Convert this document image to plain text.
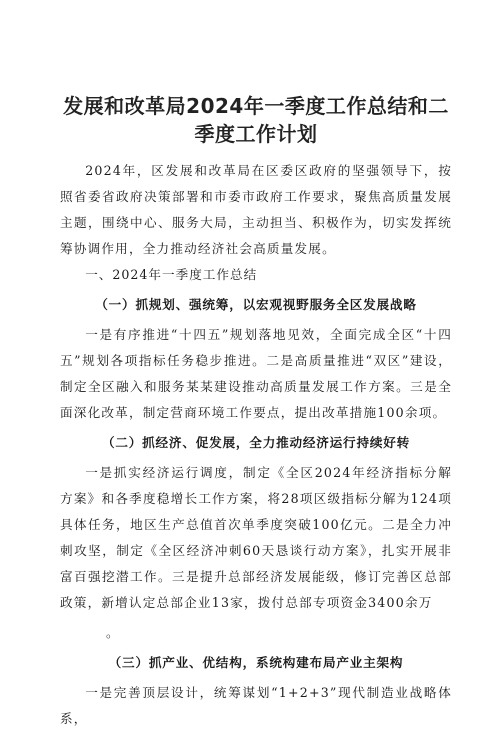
发展和改革局2024年一季度工作总结和二季度工作计划

2024年，区发展和改革局在区委区政府的坚强领导下，按照省委省政府决策部署和市委市政府工作要求，聚焦高质量发展主题，围绕中心、服务大局，主动担当、积极作为，切实发挥统筹协调作用，全力推动经济社会高质量发展。

一、2024年一季度工作总结

（一）抓规划、强统筹，以宏观视野服务全区发展战略

一是有序推进“十四五”规划落地见效，全面完成全区“十四五”规划各项指标任务稳步推进。二是高质量推进“双区”建设，制定全区融入和服务某某建设推动高质量发展工作方案。三是全面深化改革，制定营商环境工作要点，提出改革措施100余项。

（二）抓经济、促发展，全力推动经济运行持续好转

一是抓实经济运行调度，制定《全区2024年经济指标分解方案》和各季度稳增长工作方案，将28项区级指标分解为124项具体任务，地区生产总值首次单季度突破100亿元。二是全力冲刺攻坚，制定《全区经济冲刺60天恳谈行动方案》，扎实开展非富百强挖潜工作。三是提升总部经济发展能级，修订完善区总部政策，新增认定总部企业13家，拨付总部专项资金3400余万

。

（三）抓产业、优结构，系统构建布局产业主架构

一是完善顶层设计，统筹谋划“1+2+3”现代制造业战略体系，
